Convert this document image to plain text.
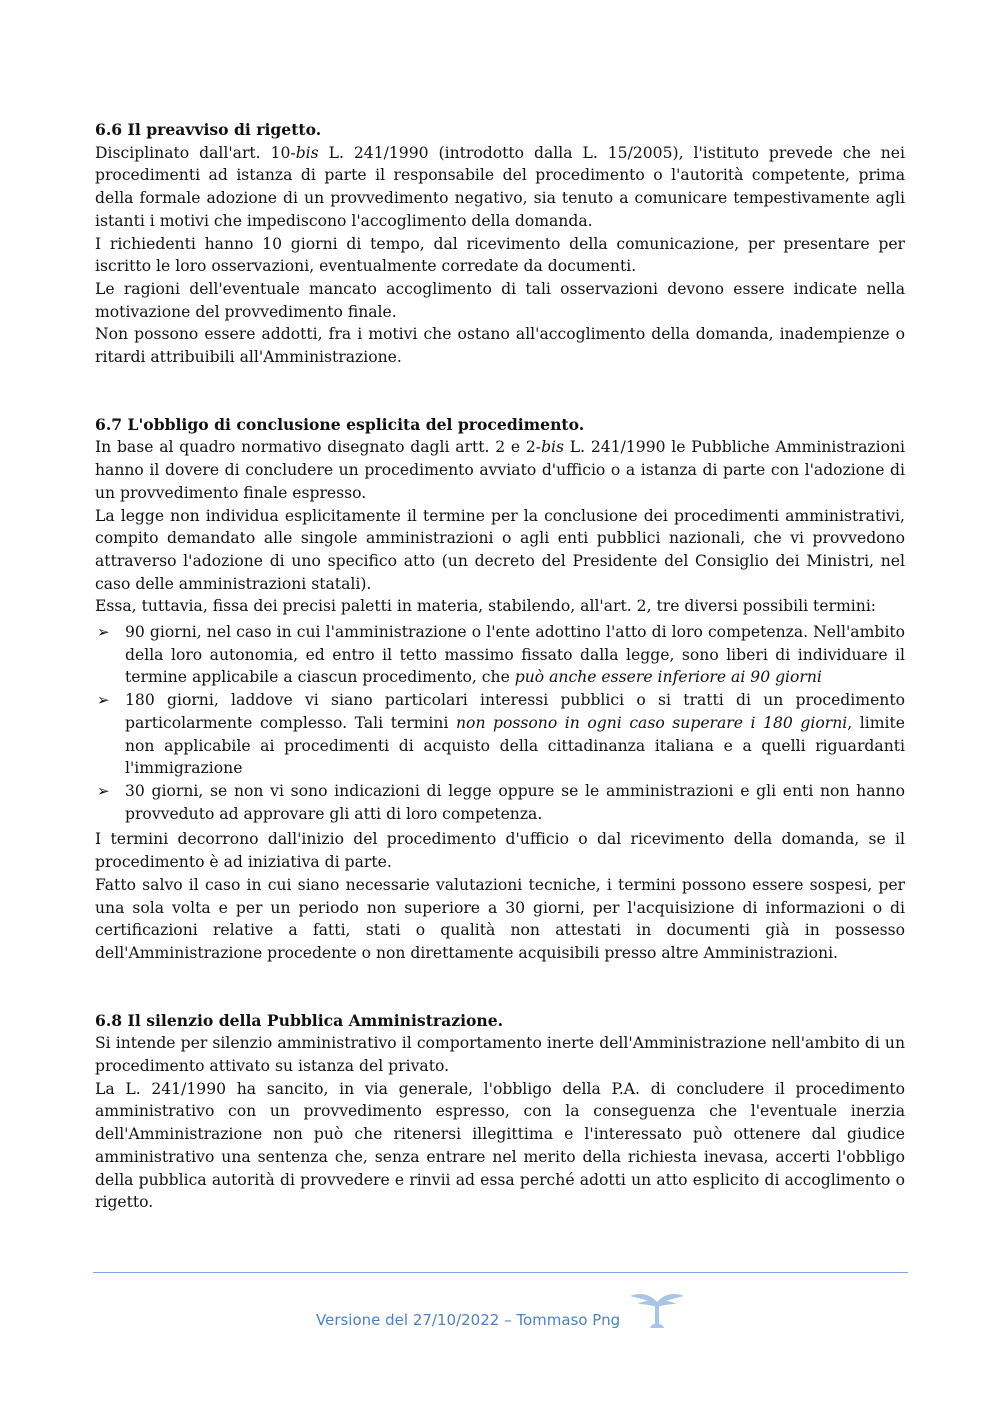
6.6 Il preavviso di rigetto.

Disciplinato dall'art. 10-bis L. 241/1990 (introdotto dalla L. 15/2005), l'istituto prevede che nei procedimenti ad istanza di parte il responsabile del procedimento o l'autorità competente, prima della formale adozione di un provvedimento negativo, sia tenuto a comunicare tempestivamente agli istanti i motivi che impediscono l'accoglimento della domanda.

I richiedenti hanno 10 giorni di tempo, dal ricevimento della comunicazione, per presentare per iscritto le loro osservazioni, eventualmente corredate da documenti.

Le ragioni dell'eventuale mancato accoglimento di tali osservazioni devono essere indicate nella motivazione del provvedimento finale.

Non possono essere addotti, fra i motivi che ostano all'accoglimento della domanda, inadempienze o ritardi attribuibili all'Amministrazione.

6.7 L'obbligo di conclusione esplicita del procedimento.

In base al quadro normativo disegnato dagli artt. 2 e 2-bis L. 241/1990 le Pubbliche Amministrazioni hanno il dovere di concludere un procedimento avviato d'ufficio o a istanza di parte con l'adozione di un provvedimento finale espresso.

La legge non individua esplicitamente il termine per la conclusione dei procedimenti amministrativi, compito demandato alle singole amministrazioni o agli enti pubblici nazionali, che vi provvedono attraverso l'adozione di uno specifico atto (un decreto del Presidente del Consiglio dei Ministri, nel caso delle amministrazioni statali).

Essa, tuttavia, fissa dei precisi paletti in materia, stabilendo, all'art. 2, tre diversi possibili termini:

➢ 90 giorni, nel caso in cui l'amministrazione o l'ente adottino l'atto di loro competenza. Nell'ambito della loro autonomia, ed entro il tetto massimo fissato dalla legge, sono liberi di individuare il termine applicabile a ciascun procedimento, che può anche essere inferiore ai 90 giorni
➢ 180 giorni, laddove vi siano particolari interessi pubblici o si tratti di un procedimento particolarmente complesso. Tali termini non possono in ogni caso superare i 180 giorni, limite non applicabile ai procedimenti di acquisto della cittadinanza italiana e a quelli riguardanti l'immigrazione
➢ 30 giorni, se non vi sono indicazioni di legge oppure se le amministrazioni e gli enti non hanno provveduto ad approvare gli atti di loro competenza.

I termini decorrono dall'inizio del procedimento d'ufficio o dal ricevimento della domanda, se il procedimento è ad iniziativa di parte.

Fatto salvo il caso in cui siano necessarie valutazioni tecniche, i termini possono essere sospesi, per una sola volta e per un periodo non superiore a 30 giorni, per l'acquisizione di informazioni o di certificazioni relative a fatti, stati o qualità non attestati in documenti già in possesso dell'Amministrazione procedente o non direttamente acquisibili presso altre Amministrazioni.

6.8 Il silenzio della Pubblica Amministrazione.

Si intende per silenzio amministrativo il comportamento inerte dell'Amministrazione nell'ambito di un procedimento attivato su istanza del privato.

La L. 241/1990 ha sancito, in via generale, l'obbligo della P.A. di concludere il procedimento amministrativo con un provvedimento espresso, con la conseguenza che l'eventuale inerzia dell'Amministrazione non può che ritenersi illegittima e l'interessato può ottenere dal giudice amministrativo una sentenza che, senza entrare nel merito della richiesta inevasa, accerti l'obbligo della pubblica autorità di provvedere e rinvii ad essa perché adotti un atto esplicito di accoglimento o rigetto.

Versione del 27/10/2022 – Tommaso Png
